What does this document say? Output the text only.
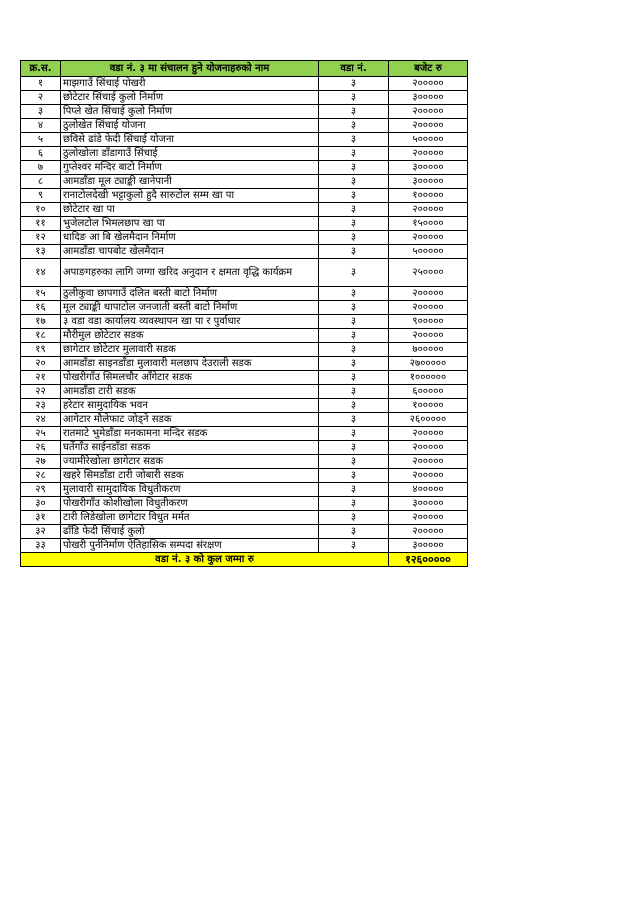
क्र.स.	वडा नं. ३ मा संचालन हुने योजनाहरुको नाम	वडा नं.	बजेट रु
१	माझगाउँ सिंचाई पोखरी	३	२०००००
२	छोटेटार सिंचाई कुलो निर्माण	३	३०००००
३	पिप्ले खेत सिंचाई कुलो निर्माण	३	२०००००
४	ठुलोखेत सिंचाई योजना	३	२०००००
५	छविसे ढांडे फेदी सिंचाई योजना	३	५०००००
६	ठुलोखोला डाँडागाउँ सिंचाई	३	२०००००
७	गुप्तेश्वर मन्दिर बाटो निर्माण	३	३०००००
८	आमडाँडा मूल ट्याङ्की खानेपानी	३	३०००००
९	रानाटोलदेखी भट्टाकुलो हुदै सारुटोल सम्म खा पा	३	१०००००
१०	छोटेटार खा पा	३	२०००००
११	भुजेलटोल भिमलछाप खा पा	३	१५००००
१२	धादिङ आ बि खेलमैदान निर्माण	३	२०००००
१३	आमडाँडा चापबोट खेलमैदान	३	५०००००
१४	अपाङगहरुका लागि जग्गा खरिद अनुदान र क्षमता वृद्धि कार्यक्रम	३	२५००००
१५	ठुलीकुवा छापगाउँ दलित बस्ती बाटो निर्माण	३	२०००००
१६	मूल ट्याङ्की थापाटोल जनजाती बस्ती बाटो निर्माण	३	२०००००
१७	३ वडा वडा कार्यालय व्यवस्थापन खा पा र पुर्वाधार	३	९०००००
१८	मौरीमुल छोटेटार सडक	३	२०००००
१९	छागेटार छोटेटार मुलावारी सडक	३	७०००००
२०	आमडाँडा साइनडाँडा मुलावारी मलछाप देउराली सडक	३	२७०००००
२१	पोखरीगाँउ सिमलचौर आँगेटार सडक	३	१००००००
२२	आमडाँडा टारी सडक	३	६०००००
२३	हरेटार सामुदायिक भवन	३	१०००००
२४	आगेटार मौलेफाट जोड्ने सडक	३	२६०००००
२५	रातमाटे भुमेडाँडा मनकामना मन्दिर सडक	३	२०००००
२६	घर्तेगाँउ साईनडाँडा सडक	३	२०००००
२७	ज्यामीरेखोला छागेटार सडक	३	२०००००
२८	खहरे सिमडाँडा टारी जोबारी सडक	३	२०००००
२९	मुलावारी सामुदायिक विधुतीकरण	३	४०००००
३०	पोखरीगाँउ कोशीखोला विधुतीकरण	३	३०००००
३१	टारी लिडेखोला छागेटार विधुत मर्मत	३	२०००००
३२	ढाँडि फेदी सिंचाई कुलो	३	२०००००
३३	पोखरी पुर्ननिर्माण ऐतिहासिक सम्पदा संरक्षण	३	३०००००
वडा नं. ३ को कुल जम्मा रु			१२६०००००
